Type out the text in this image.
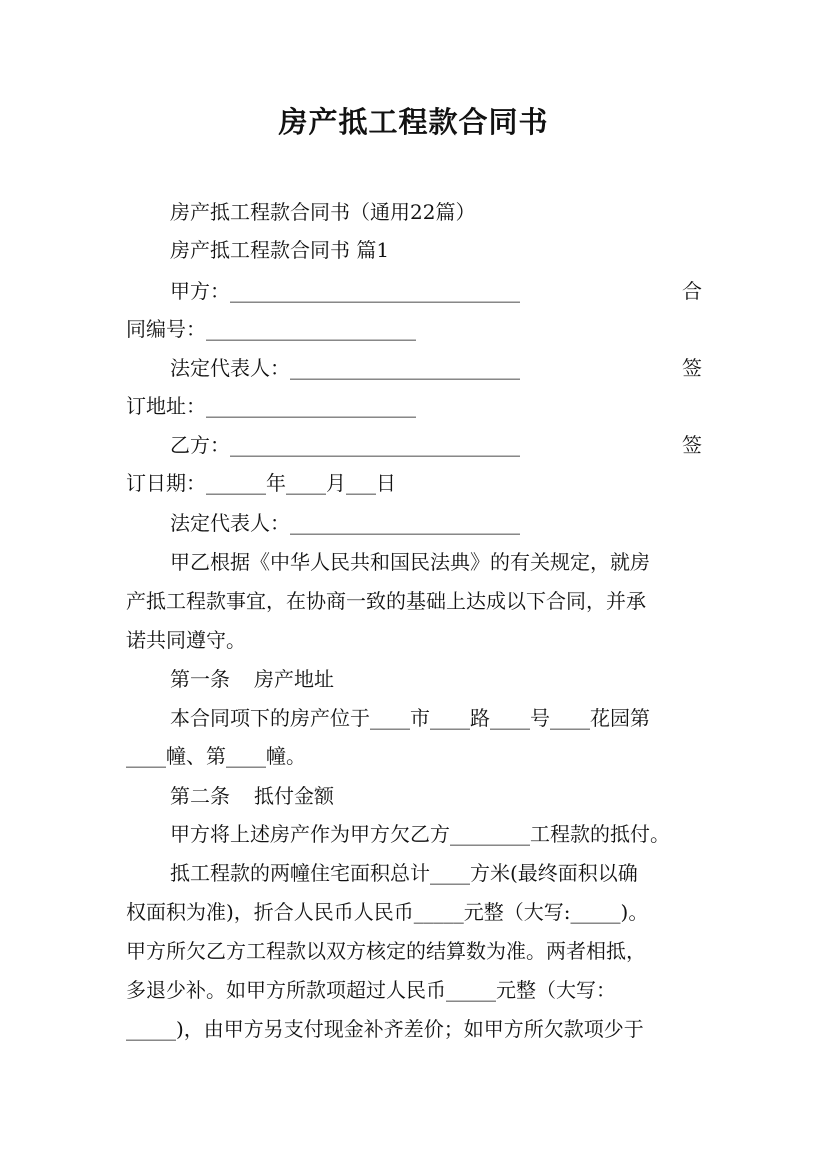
房产抵工程款合同书
房产抵工程款合同书（通用22篇）
房产抵工程款合同书 篇1
甲方：_____________________________	合
同编号：_____________________
法定代表人：_______________________	签
订地址：_____________________
乙方：_____________________________	签
订日期：______年____月___日
法定代表人：_______________________
甲乙根据《中华人民共和国民法典》的有关规定，就房
产抵工程款事宜，在协商一致的基础上达成以下合同，并承
诺共同遵守。
第一条 房产地址
本合同项下的房产位于____市____路____号____花园第
____幢、第____幢。
第二条 抵付金额
甲方将上述房产作为甲方欠乙方________工程款的抵付。
抵工程款的两幢住宅面积总计____方米(最终面积以确
权面积为准)，折合人民币人民币_____元整（大写:_____)。
甲方所欠乙方工程款以双方核定的结算数为准。两者相抵，
多退少补。如甲方所款项超过人民币_____元整（大写：
_____)，由甲方另支付现金补齐差价；如甲方所欠款项少于
